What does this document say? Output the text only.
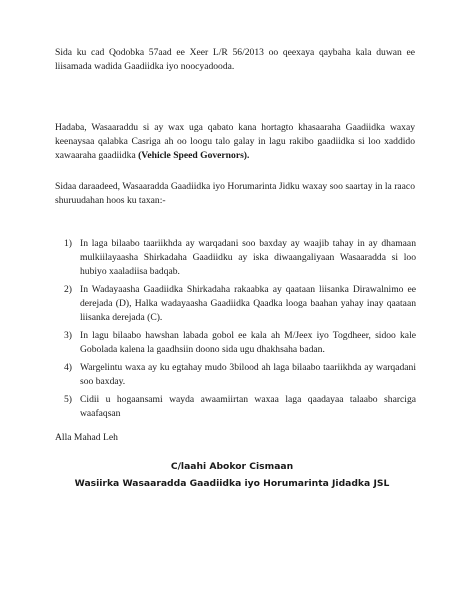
Sida ku cad Qodobka 57aad ee Xeer L/R 56/2013 oo qeexaya qaybaha kala duwan ee liisamada wadida Gaadiidka iyo noocyadooda.

Hadaba, Wasaaraddu si ay wax uga qabato kana hortagto khasaaraha Gaadiidka waxay keenaysaa qalabka Casriga ah oo loogu talo galay in lagu rakibo gaadiidka si loo xaddido xawaaraha gaadiidka (Vehicle Speed Governors).

Sidaa daraadeed, Wasaaradda Gaadiidka iyo Horumarinta Jidku waxay soo saartay in la raaco shuruudahan hoos ku taxan:-

1) In laga bilaabo taariikhda ay warqadani soo baxday ay waajib tahay in ay dhamaan mulkiilayaasha Shirkadaha Gaadiidku ay iska diwaangaliyaan Wasaaradda si loo hubiyo xaaladiisa badqab.
2) In Wadayaasha Gaadiidka Shirkadaha rakaabka ay qaataan liisanka Dirawalnimo ee derejada (D), Halka wadayaasha Gaadiidka Qaadka looga baahan yahay inay qaataan liisanka derejada (C).
3) In lagu bilaabo hawshan labada gobol ee kala ah M/Jeex iyo Togdheer, sidoo kale Gobolada kalena la gaadhsiin doono sida ugu dhakhsaha badan.
4) Wargelintu waxa ay ku egtahay mudo 3bilood ah laga bilaabo taariikhda ay warqadani soo baxday.
5) Cidii u hogaansami wayda awaamiirtan waxaa laga qaadayaa talaabo sharciga waafaqsan
Alla Mahad Leh
C/laahi Abokor Cismaan
Wasiirka Wasaaradda Gaadiidka iyo Horumarinta Jidadka JSL
